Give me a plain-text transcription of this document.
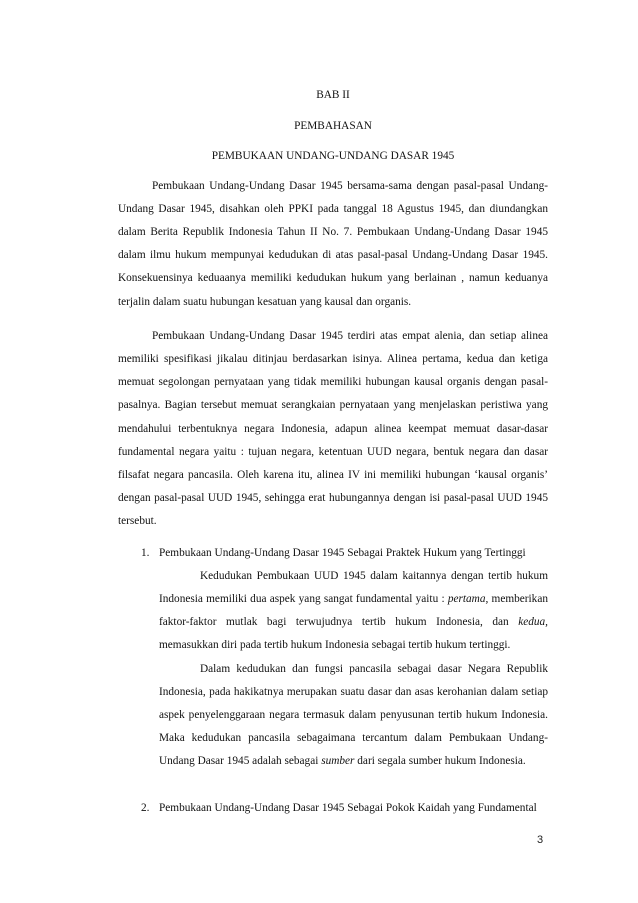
BAB II
PEMBAHASAN
PEMBUKAAN UNDANG-UNDANG DASAR 1945

Pembukaan Undang-Undang Dasar 1945 bersama-sama dengan pasal-pasal Undang-Undang Dasar 1945, disahkan oleh PPKI pada tanggal 18 Agustus 1945, dan diundangkan dalam Berita Republik Indonesia Tahun II No. 7. Pembukaan Undang-Undang Dasar 1945 dalam ilmu hukum mempunyai kedudukan di atas pasal-pasal Undang-Undang Dasar 1945. Konsekuensinya keduaanya memiliki kedudukan hukum yang berlainan , namun keduanya terjalin dalam suatu hubungan kesatuan yang kausal dan organis.

Pembukaan Undang-Undang Dasar 1945 terdiri atas empat alenia, dan setiap alinea memiliki spesifikasi jikalau ditinjau berdasarkan isinya. Alinea pertama, kedua dan ketiga memuat segolongan pernyataan yang tidak memiliki hubungan kausal organis dengan pasal-pasalnya. Bagian tersebut memuat serangkaian pernyataan yang menjelaskan peristiwa yang mendahului terbentuknya negara Indonesia, adapun alinea keempat memuat dasar-dasar fundamental negara yaitu : tujuan negara, ketentuan UUD negara, bentuk negara dan dasar filsafat negara pancasila. Oleh karena itu, alinea IV ini memiliki hubungan ‘kausal organis’ dengan pasal-pasal UUD 1945, sehingga erat hubungannya dengan isi pasal-pasal UUD 1945 tersebut.

1. Pembukaan Undang-Undang Dasar 1945 Sebagai Praktek Hukum yang Tertinggi

Kedudukan Pembukaan UUD 1945 dalam kaitannya dengan tertib hukum Indonesia memiliki dua aspek yang sangat fundamental yaitu : pertama, memberikan faktor-faktor mutlak bagi terwujudnya tertib hukum Indonesia, dan kedua, memasukkan diri pada tertib hukum Indonesia sebagai tertib hukum tertinggi.

Dalam kedudukan dan fungsi pancasila sebagai dasar Negara Republik Indonesia, pada hakikatnya merupakan suatu dasar dan asas kerohanian dalam setiap aspek penyelenggaraan negara termasuk dalam penyusunan tertib hukum Indonesia. Maka kedudukan pancasila sebagaimana tercantum dalam Pembukaan Undang-Undang Dasar 1945 adalah sebagai sumber dari segala sumber hukum Indonesia.

2. Pembukaan Undang-Undang Dasar 1945 Sebagai Pokok Kaidah yang Fundamental
3
